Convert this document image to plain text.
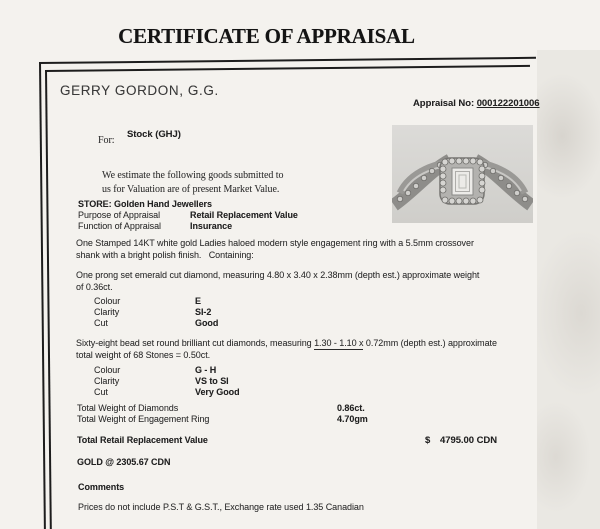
CERTIFICATE OF APPRAISAL
GERRY GORDON, G.G.
Appraisal No: 000122201006
For:
Stock (GHJ)
We estimate the following goods submitted to
us for Valuation are of present Market Value.
STORE: Golden Hand Jewellers
Purpose of Appraisal	Retail Replacement Value
Function of Appraisal	Insurance
One Stamped 14KT white gold Ladies haloed modern style engagement ring with a 5.5mm crossover
shank with a bright polish finish.   Containing:
One prong set emerald cut diamond, measuring 4.80 x 3.40 x 2.38mm (depth est.) approximate weight
of 0.36ct.
Colour	E
Clarity	SI-2
Cut	Good
Sixty-eight bead set round brilliant cut diamonds, measuring 1.30 - 1.10 x 0.72mm (depth est.) approximate
total weight of 68 Stones = 0.50ct.
Colour	G - H
Clarity	VS to SI
Cut	Very Good
Total Weight of Diamonds	0.86ct.
Total Weight of Engagement Ring	4.70gm
Total Retail Replacement Value	$ 4795.00 CDN
GOLD @ 2305.67 CDN
Comments
Prices do not include P.S.T & G.S.T., Exchange rate used 1.35 Canadian
